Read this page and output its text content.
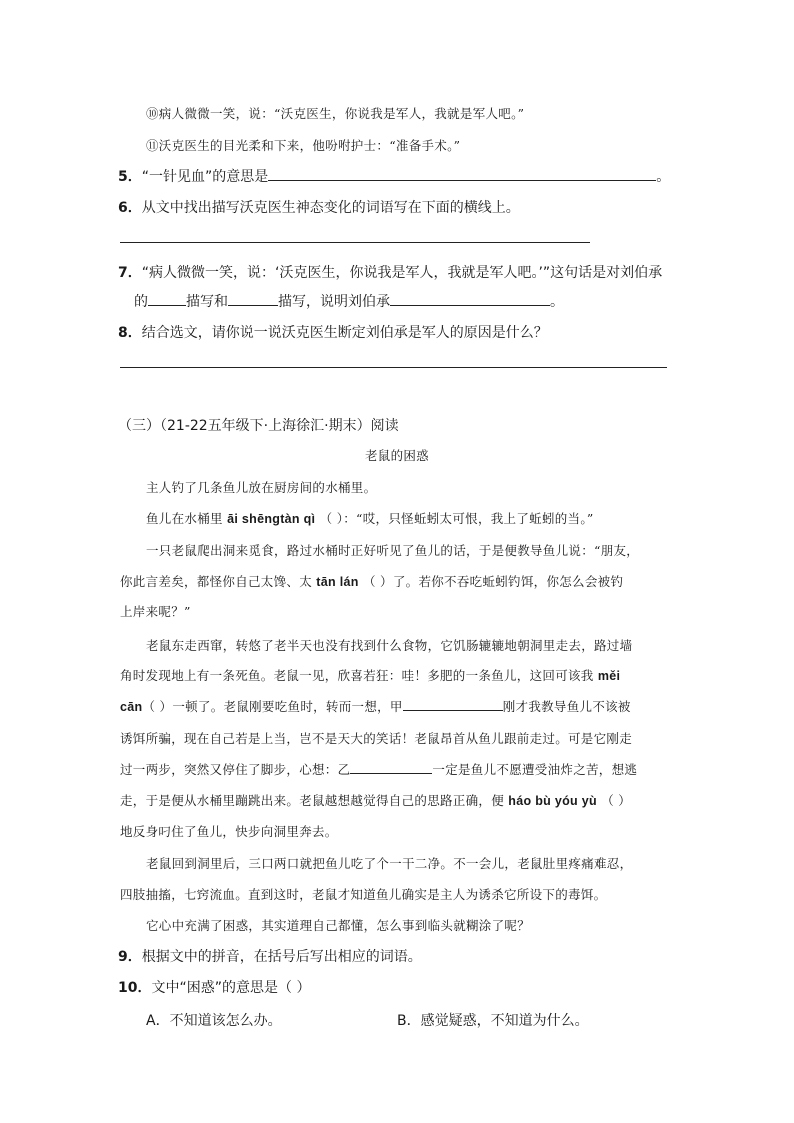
⑩病人微微一笑，说：“沃克医生，你说我是军人，我就是军人吧。”
⑪沃克医生的目光柔和下来，他吩咐护士：“准备手术。”
5．“一针见血”的意思是	。
6．从文中找出描写沃克医生神态变化的词语写在下面的横线上。
7．“病人微微一笑，说：‘沃克医生，你说我是军人，我就是军人吧。’”这句话是对刘伯承
的	描写和	描写，说明刘伯承	。
8．结合选文，请你说一说沃克医生断定刘伯承是军人的原因是什么？
（三）（21-22五年级下·上海徐汇·期末）阅读
老鼠的困惑
主人钓了几条鱼儿放在厨房间的水桶里。
鱼儿在水桶里 āi shēngtàn qì （ ）：“哎，只怪蚯蚓太可恨，我上了蚯蚓的当。”
一只老鼠爬出洞来觅食，路过水桶时正好听见了鱼儿的话，于是便教导鱼儿说：“朋友，
你此言差矣，都怪你自己太馋、太 tān lán （ ）了。若你不吞吃蚯蚓钓饵，你怎么会被钓
上岸来呢？”
老鼠东走西窜，转悠了老半天也没有找到什么食物，它饥肠辘辘地朝洞里走去，路过墙
角时发现地上有一条死鱼。老鼠一见，欣喜若狂：哇！多肥的一条鱼儿，这回可该我 měi
cān（ ）一顿了。老鼠刚要吃鱼时，转而一想，甲	刚才我教导鱼儿不该被
诱饵所骗，现在自己若是上当，岂不是天大的笑话！老鼠昂首从鱼儿跟前走过。可是它刚走
过一两步，突然又停住了脚步，心想：乙	一定是鱼儿不愿遭受油炸之苦，想逃
走，于是便从水桶里蹦跳出来。老鼠越想越觉得自己的思路正确，便 háo bù yóu yù （ ）
地反身叼住了鱼儿，快步向洞里奔去。
老鼠回到洞里后，三口两口就把鱼儿吃了个一干二净。不一会儿，老鼠肚里疼痛难忍，
四肢抽搐，七窍流血。直到这时，老鼠才知道鱼儿确实是主人为诱杀它所设下的毒饵。
它心中充满了困惑，其实道理自己都懂，怎么事到临头就糊涂了呢？
9．根据文中的拼音，在括号后写出相应的词语。
10．文中“困惑”的意思是（ ）
A．不知道该怎么办。	B．感觉疑惑，不知道为什么。
